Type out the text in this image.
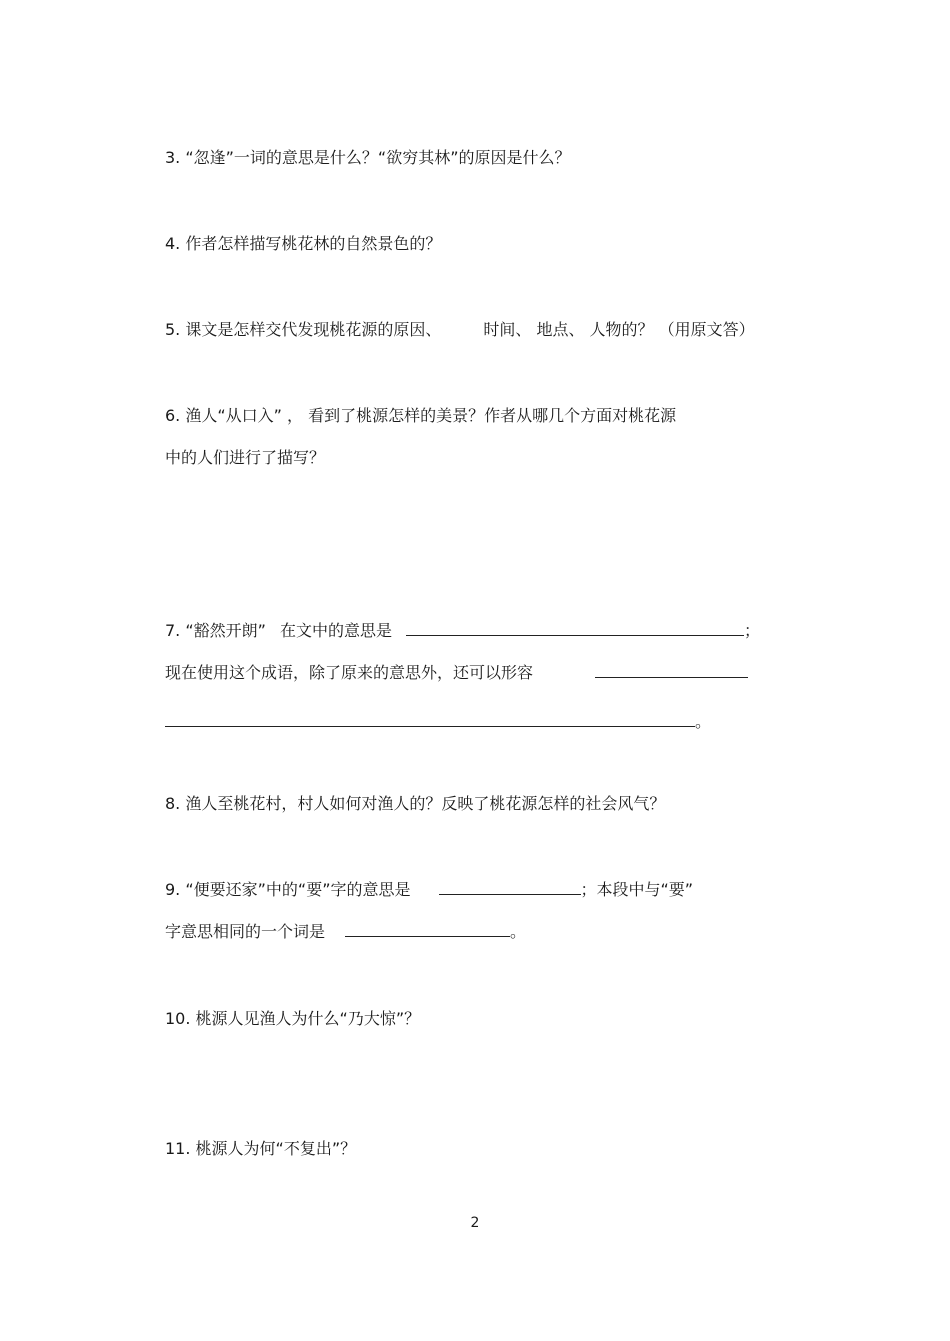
3. “忽逢”一词的意思是什么？“欲穷其林”的原因是什么？
4. 作者怎样描写桃花林的自然景色的？
5. 课文是怎样交代发现桃花源的原因、	时间、 地点、 人物的？ （用原文答）
6. 渔人“从口入” ， 看到了桃源怎样的美景？作者从哪几个方面对桃花源
中的人们进行了描写？
7. “豁然开朗” 在文中的意思是	；
现在使用这个成语，除了原来的意思外，还可以形容
。
8. 渔人至桃花村，村人如何对渔人的？反映了桃花源怎样的社会风气？
9. “便要还家”中的“要”字的意思是	；本段中与“要”
字意思相同的一个词是	。
10. 桃源人见渔人为什么“乃大惊”？
11. 桃源人为何“不复出”？
2
